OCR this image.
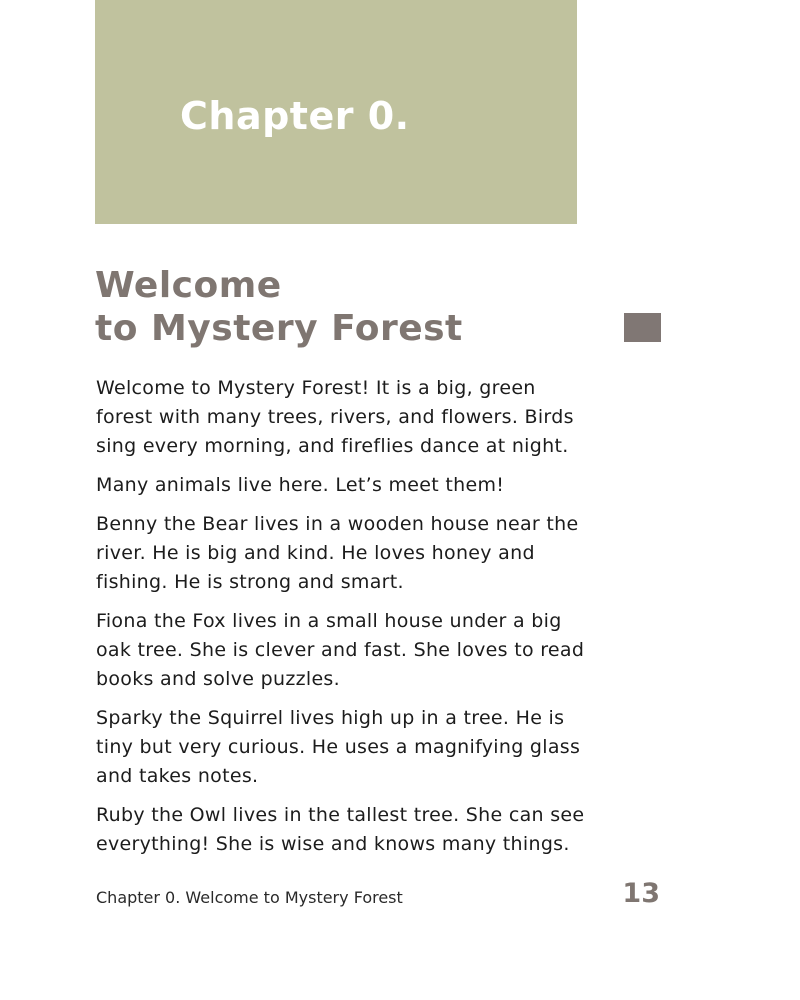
Chapter 0.
Welcome
to Mystery Forest

Welcome to Mystery Forest! It is a big, green
forest with many trees, rivers, and flowers. Birds
sing every morning, and fireflies dance at night.

Many animals live here. Let’s meet them!

Benny the Bear lives in a wooden house near the
river. He is big and kind. He loves honey and
fishing. He is strong and smart.

Fiona the Fox lives in a small house under a big
oak tree. She is clever and fast. She loves to read
books and solve puzzles.

Sparky the Squirrel lives high up in a tree. He is
tiny but very curious. He uses a magnifying glass
and takes notes.

Ruby the Owl lives in the tallest tree. She can see
everything! She is wise and knows many things.

Chapter 0. Welcome to Mystery Forest	13
